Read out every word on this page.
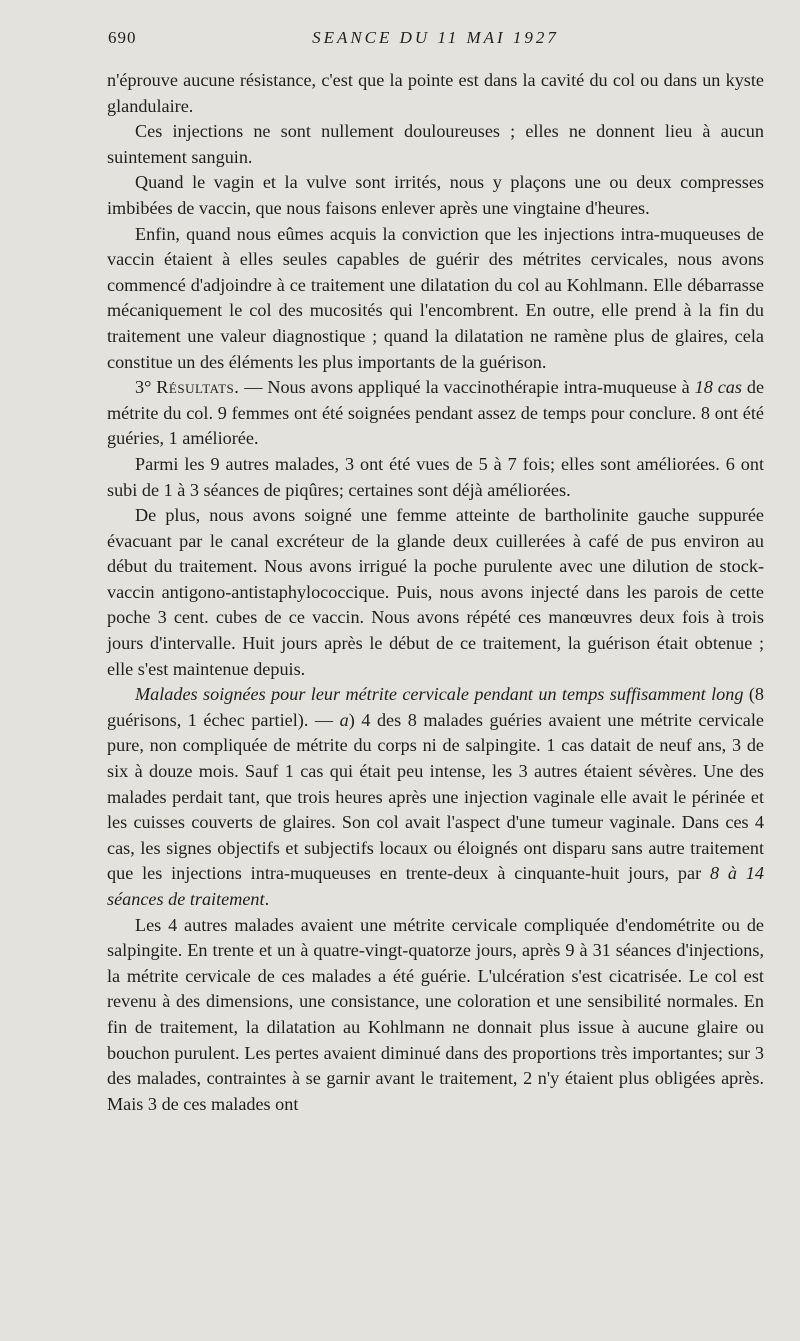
690	SEANCE DU 11 MAI 1927

n'éprouve aucune résistance, c'est que la pointe est dans la cavité du col ou dans un kyste glandulaire.

Ces injections ne sont nullement douloureuses ; elles ne donnent lieu à aucun suintement sanguin.

Quand le vagin et la vulve sont irrités, nous y plaçons une ou deux compresses imbibées de vaccin, que nous faisons enlever après une vingtaine d'heures.

Enfin, quand nous eûmes acquis la conviction que les injections intra-muqueuses de vaccin étaient à elles seules capables de guérir des métrites cervicales, nous avons commencé d'adjoindre à ce traitement une dilatation du col au Kohlmann. Elle débarrasse mécaniquement le col des mucosités qui l'encombrent. En outre, elle prend à la fin du traitement une valeur diagnostique ; quand la dilatation ne ramène plus de glaires, cela constitue un des éléments les plus importants de la guérison.

3° Résultats. — Nous avons appliqué la vaccinothérapie intra-muqueuse à 18 cas de métrite du col. 9 femmes ont été soignées pendant assez de temps pour conclure. 8 ont été guéries, 1 améliorée.

Parmi les 9 autres malades, 3 ont été vues de 5 à 7 fois; elles sont améliorées. 6 ont subi de 1 à 3 séances de piqûres; certaines sont déjà améliorées.

De plus, nous avons soigné une femme atteinte de bartholinite gauche suppurée évacuant par le canal excréteur de la glande deux cuillerées à café de pus environ au début du traitement. Nous avons irrigué la poche purulente avec une dilution de stock-vaccin antigono-antistaphylococcique. Puis, nous avons injecté dans les parois de cette poche 3 cent. cubes de ce vaccin. Nous avons répété ces manœuvres deux fois à trois jours d'intervalle. Huit jours après le début de ce traitement, la guérison était obtenue ; elle s'est maintenue depuis.

Malades soignées pour leur métrite cervicale pendant un temps suffisamment long (8 guérisons, 1 échec partiel). — a) 4 des 8 malades guéries avaient une métrite cervicale pure, non compliquée de métrite du corps ni de salpingite. 1 cas datait de neuf ans, 3 de six à douze mois. Sauf 1 cas qui était peu intense, les 3 autres étaient sévères. Une des malades perdait tant, que trois heures après une injection vaginale elle avait le périnée et les cuisses couverts de glaires. Son col avait l'aspect d'une tumeur vaginale. Dans ces 4 cas, les signes objectifs et subjectifs locaux ou éloignés ont disparu sans autre traitement que les injections intra-muqueuses en trente-deux à cinquante-huit jours, par 8 à 14 séances de traitement.

Les 4 autres malades avaient une métrite cervicale compliquée d'endométrite ou de salpingite. En trente et un à quatre-vingt-quatorze jours, après 9 à 31 séances d'injections, la métrite cervicale de ces malades a été guérie. L'ulcération s'est cicatrisée. Le col est revenu à des dimensions, une consistance, une coloration et une sensibilité normales. En fin de traitement, la dilatation au Kohlmann ne donnait plus issue à aucune glaire ou bouchon purulent. Les pertes avaient diminué dans des proportions très importantes; sur 3 des malades, contraintes à se garnir avant le traitement, 2 n'y étaient plus obligées après. Mais 3 de ces malades ont
